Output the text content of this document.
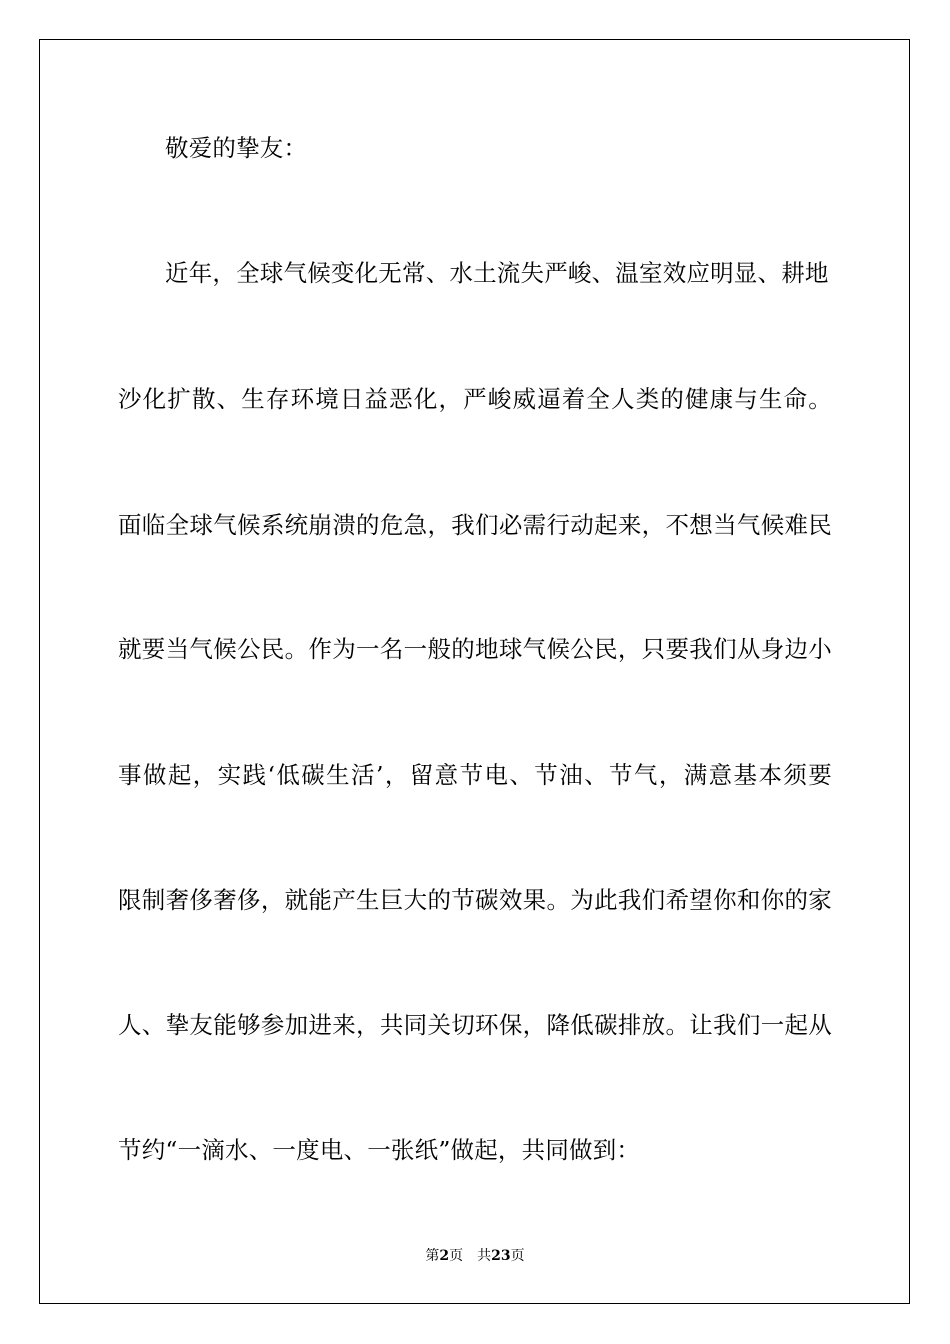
敬爱的挚友：
近年，全球气候变化无常、水土流失严峻、温室效应明显、耕地
沙化扩散、生存环境日益恶化，严峻威逼着全人类的健康与生命。
面临全球气候系统崩溃的危急，我们必需行动起来，不想当气候难民
就要当气候公民。作为一名一般的地球气候公民，只要我们从身边小
事做起，实践‘低碳生活’，留意节电、节油、节气，满意基本须要
限制奢侈奢侈，就能产生巨大的节碳效果。为此我们希望你和你的家
人、挚友能够参加进来，共同关切环保，降低碳排放。让我们一起从
节约“一滴水、一度电、一张纸”做起，共同做到：
第2页 共23页
